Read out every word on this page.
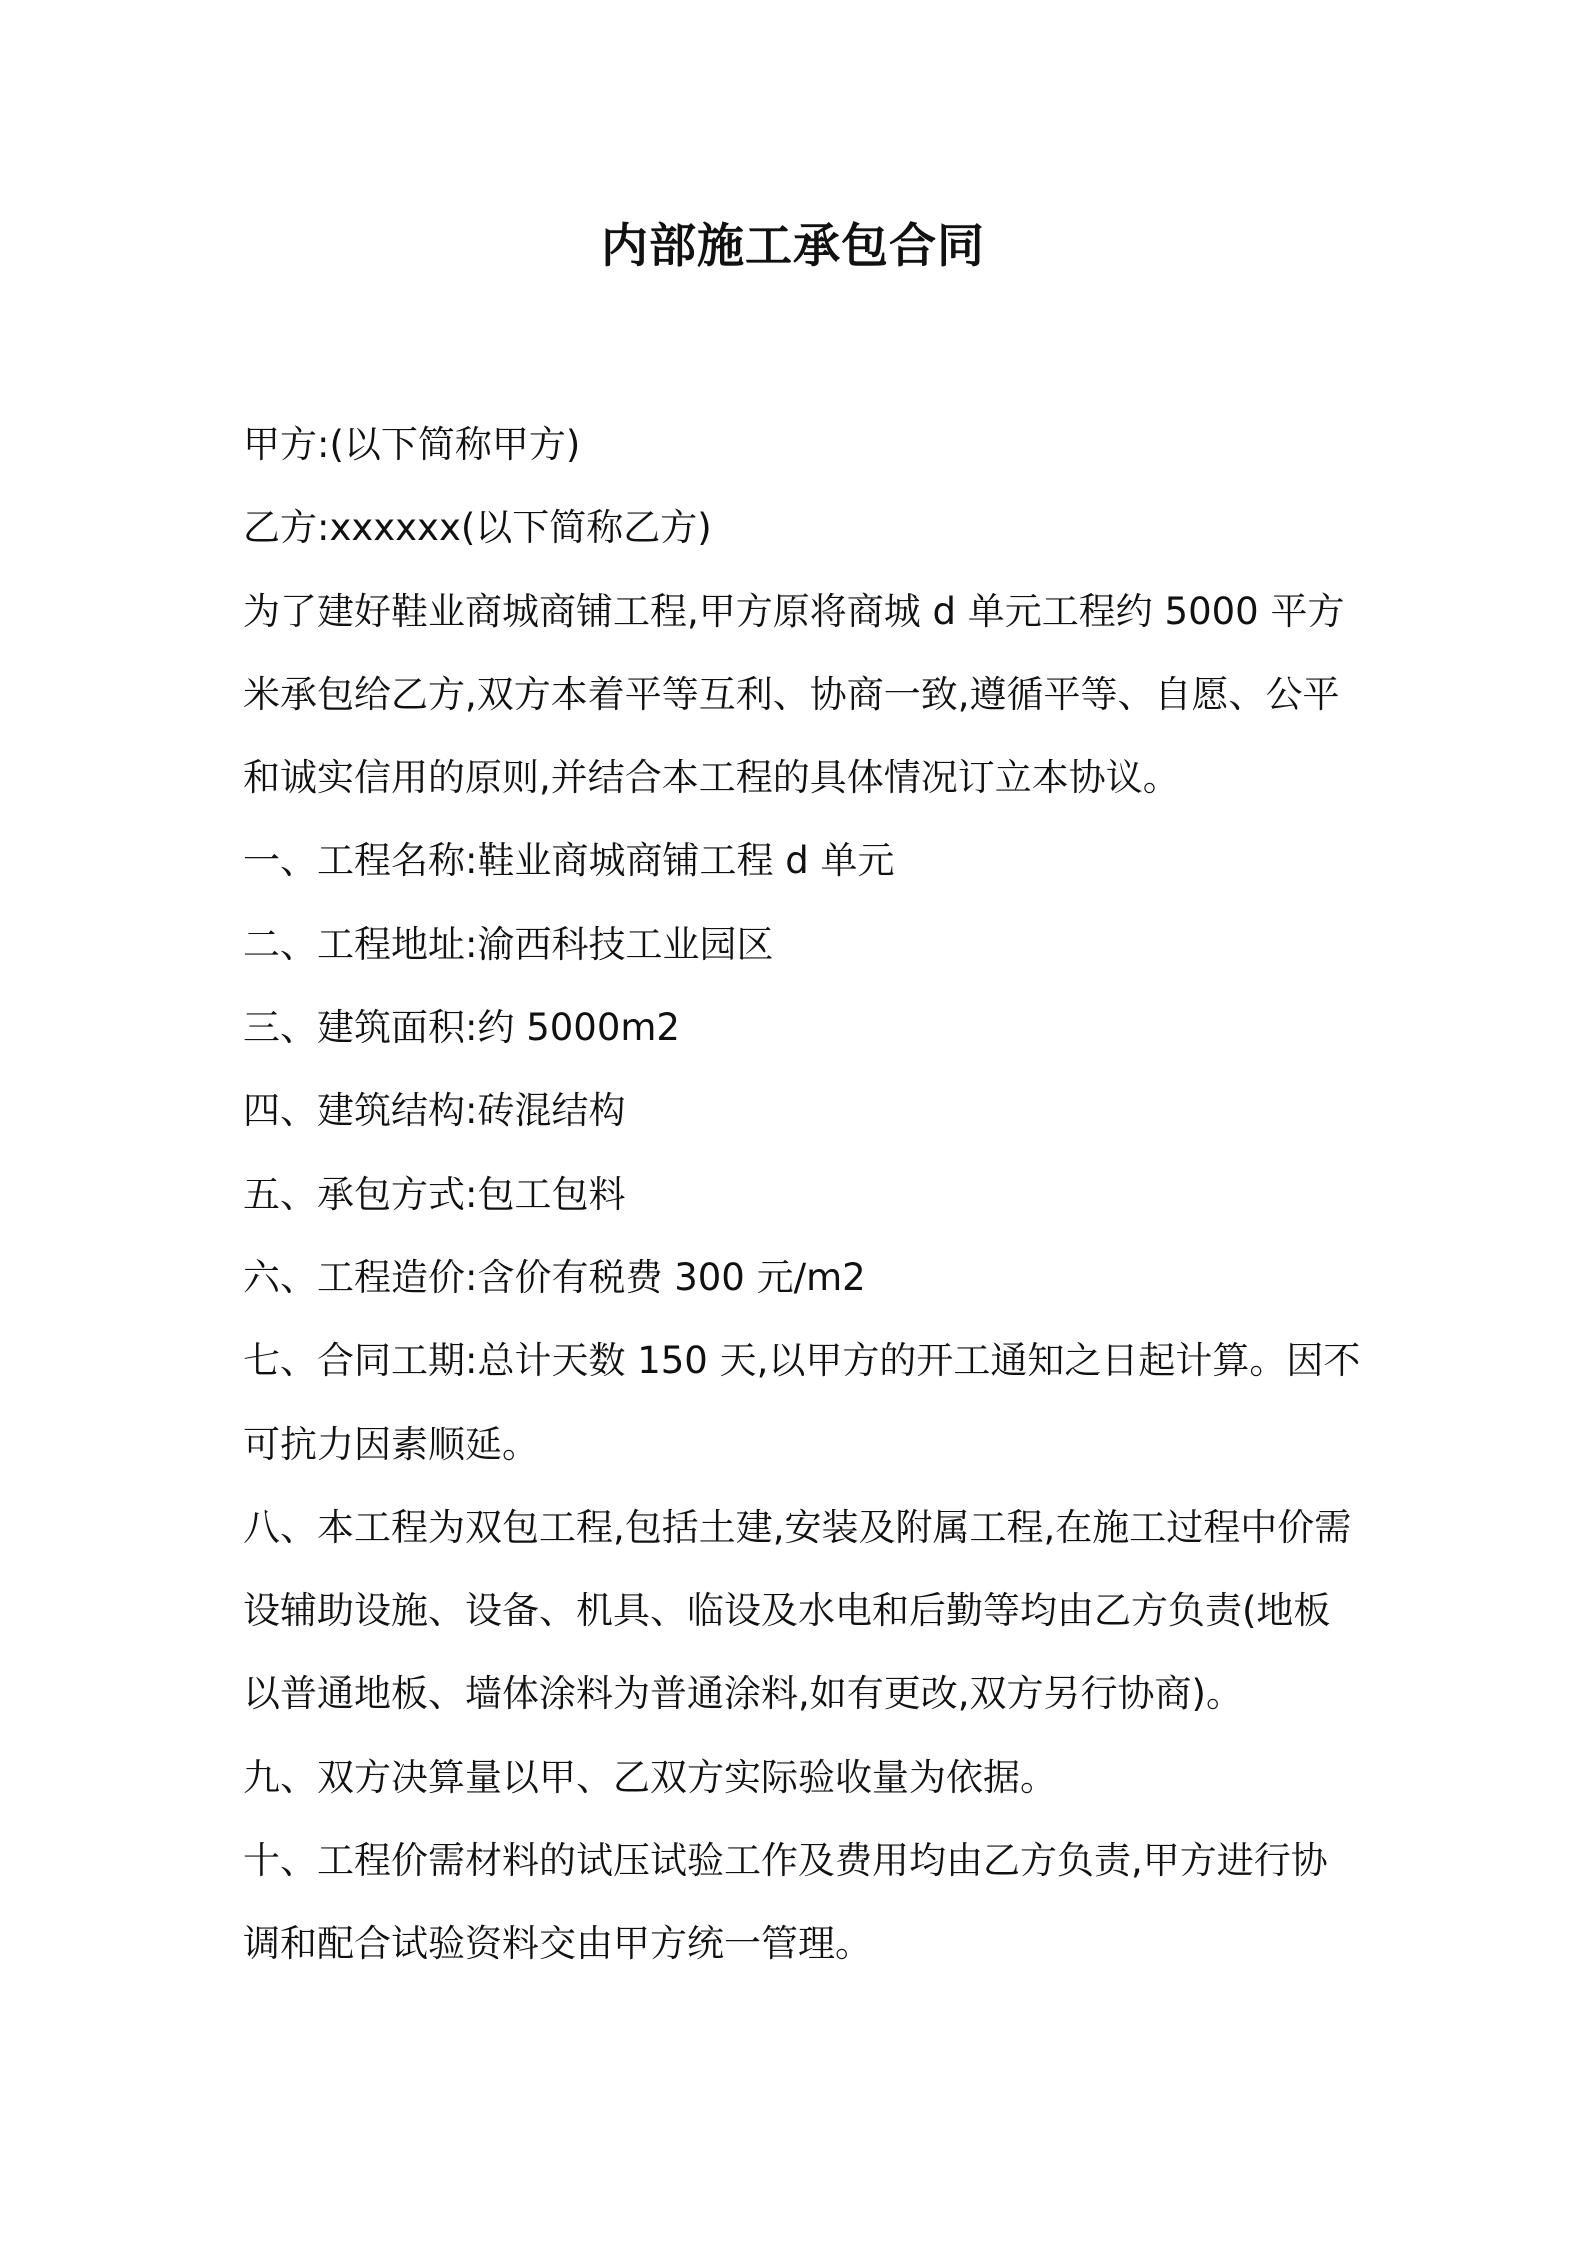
内部施工承包合同
甲方:(以下简称甲方)
乙方:xxxxxx(以下简称乙方)
为了建好鞋业商城商铺工程,甲方原将商城 d 单元工程约 5000 平方
米承包给乙方,双方本着平等互利、协商一致,遵循平等、自愿、公平
和诚实信用的原则,并结合本工程的具体情况订立本协议。
一、工程名称:鞋业商城商铺工程 d 单元
二、工程地址:渝西科技工业园区
三、建筑面积:约 5000m2
四、建筑结构:砖混结构
五、承包方式:包工包料
六、工程造价:含价有税费 300 元/m2
七、合同工期:总计天数 150 天,以甲方的开工通知之日起计算。因不
可抗力因素顺延。
八、本工程为双包工程,包括土建,安装及附属工程,在施工过程中价需
设辅助设施、设备、机具、临设及水电和后勤等均由乙方负责(地板
以普通地板、墙体涂料为普通涂料,如有更改,双方另行协商)。
九、双方决算量以甲、乙双方实际验收量为依据。
十、工程价需材料的试压试验工作及费用均由乙方负责,甲方进行协
调和配合试验资料交由甲方统一管理。
